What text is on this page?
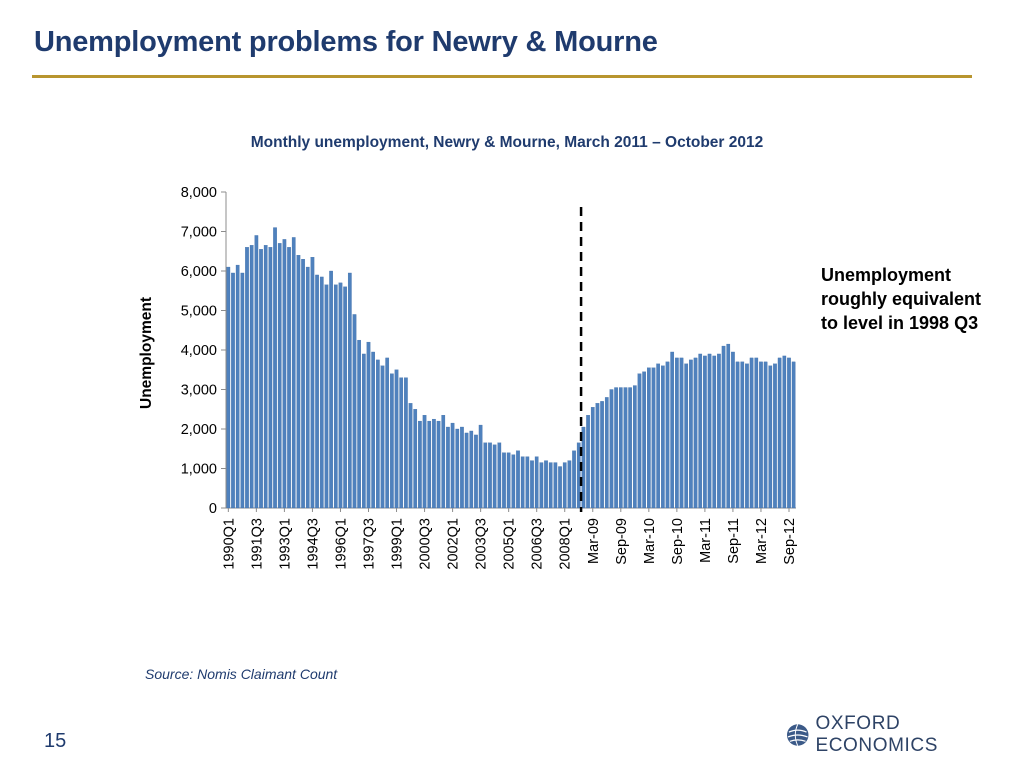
Unemployment problems for Newry & Mourne
Monthly unemployment, Newry & Mourne, March 2011 – October 2012
0
1,000
2,000
3,000
4,000
5,000
6,000
7,000
8,000
Unemployment
1990Q1 1991Q3 1993Q1 1994Q3 1996Q1 1997Q3 1999Q1 2000Q3 2002Q1 2003Q3 2005Q1 2006Q3 2008Q1 Mar-09 Sep-09 Mar-10 Sep-10 Mar-11 Sep-11 Mar-12 Sep-12
Unemployment roughly equivalent to level in 1998 Q3
Source: Nomis Claimant Count
15
OXFORD ECONOMICS
